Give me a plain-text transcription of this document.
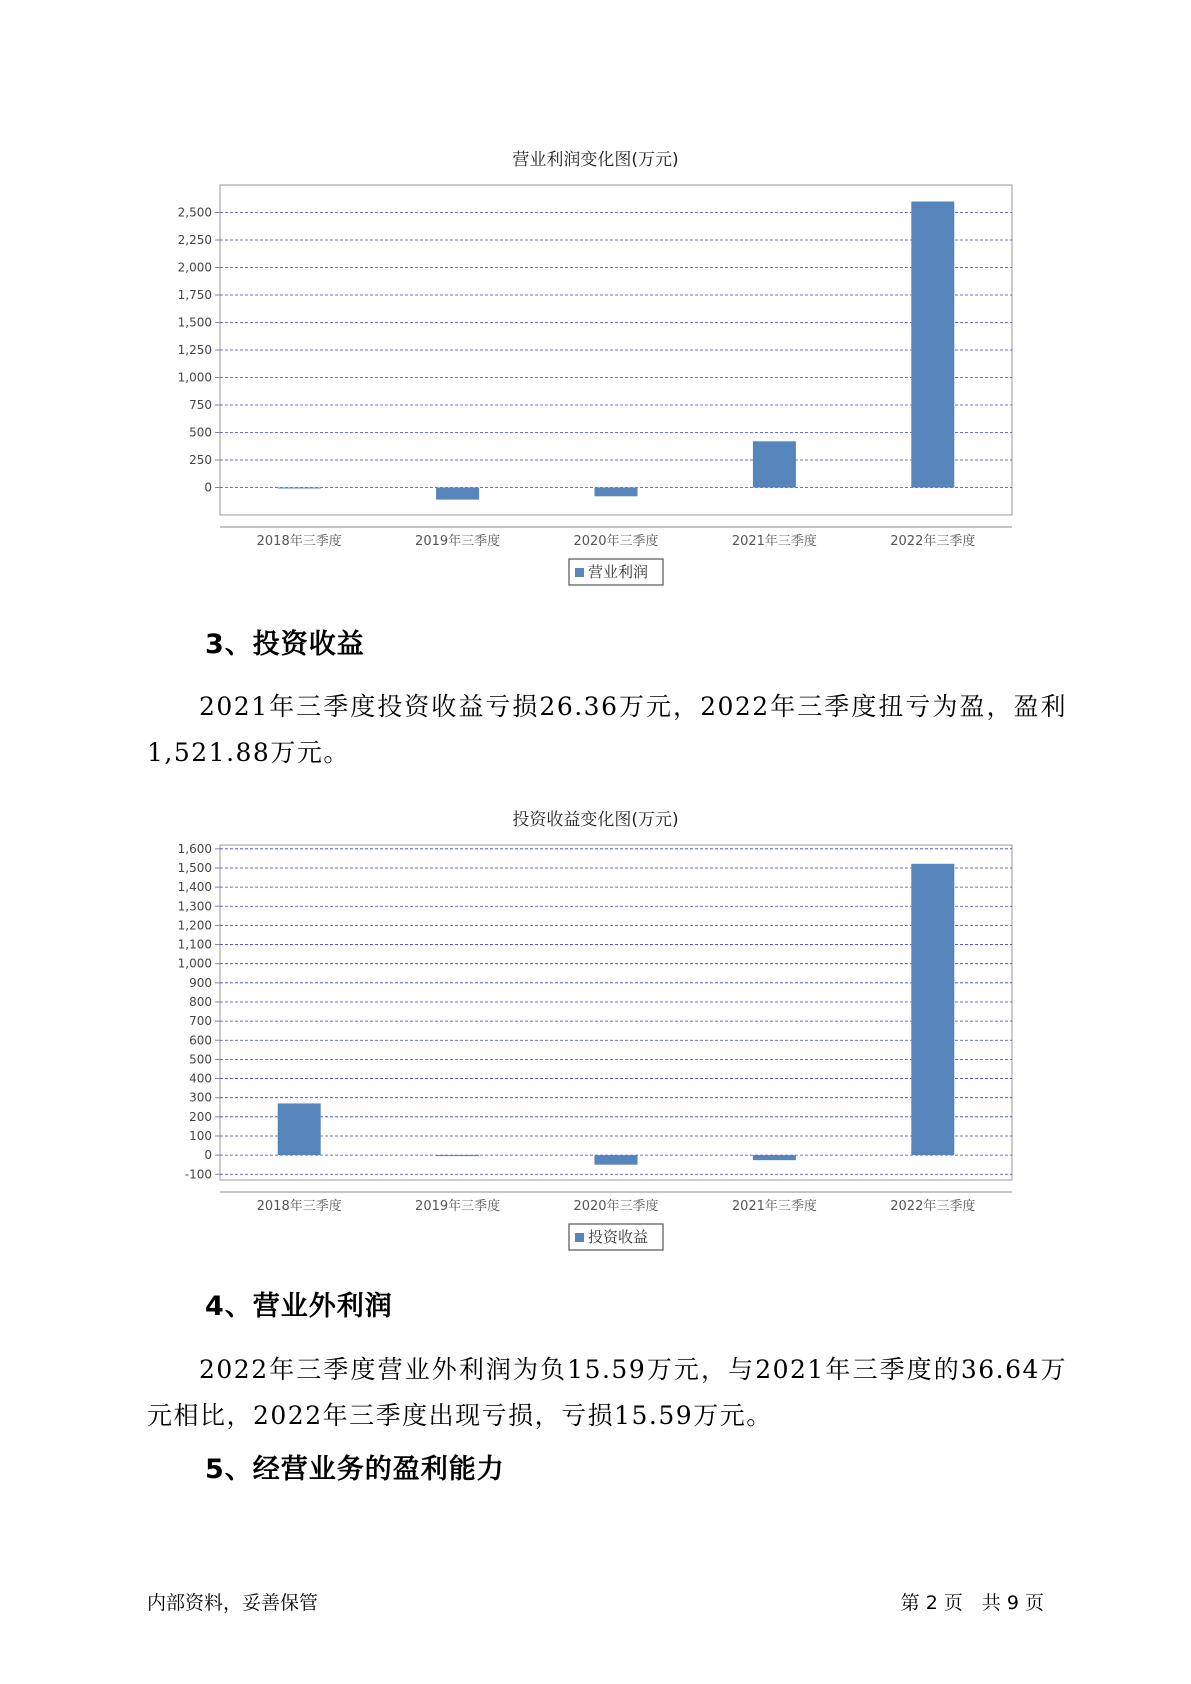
营业利润变化图(万元)
0
250
500
750
1,000
1,250
1,500
1,750
2,000
2,250
2,500
2018年三季度	2019年三季度	2020年三季度	2021年三季度	2022年三季度
营业利润
3、投资收益
2021年三季度投资收益亏损26.36万元，2022年三季度扭亏为盈，盈利1,521.88万元。
投资收益变化图(万元)
-100
0
100
200
300
400
500
600
700
800
900
1,000
1,100
1,200
1,300
1,400
1,500
1,600
2018年三季度	2019年三季度	2020年三季度	2021年三季度	2022年三季度
投资收益
4、营业外利润
2022年三季度营业外利润为负15.59万元，与2021年三季度的36.64万元相比，2022年三季度出现亏损，亏损15.59万元。
5、经营业务的盈利能力
内部资料，妥善保管	第 2 页　共 9 页
